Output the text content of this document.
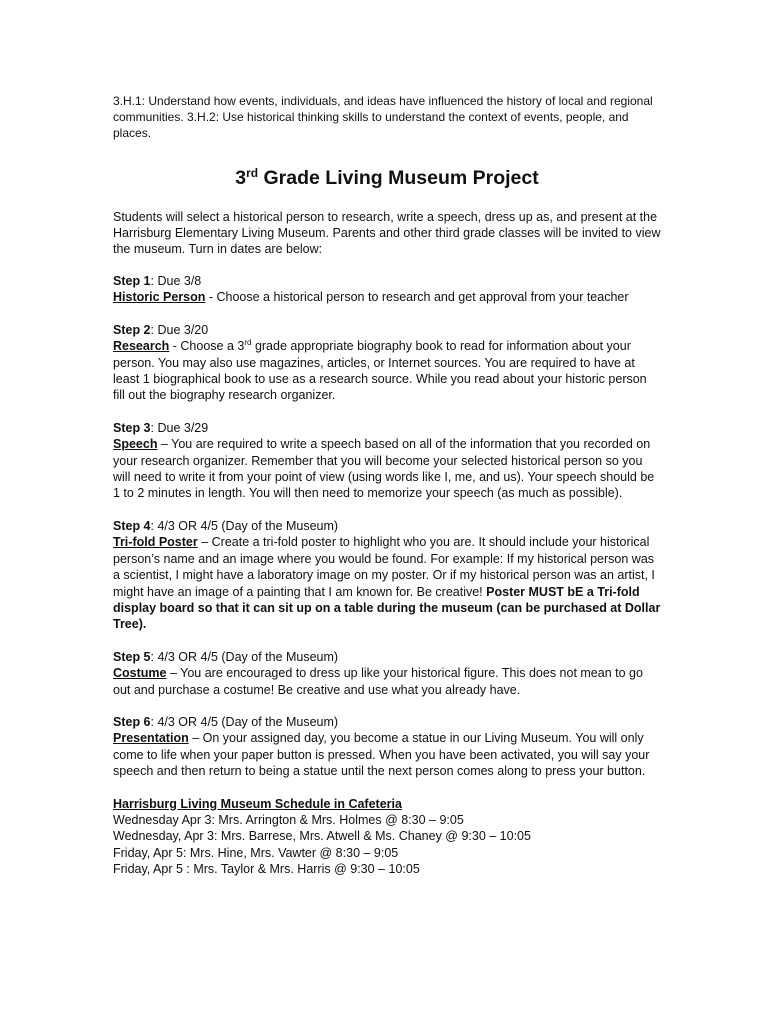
3.H.1: Understand how events, individuals, and ideas have influenced the history of local and regional communities. 3.H.2: Use historical thinking skills to understand the context of events, people, and places.

3rd Grade Living Museum Project

Students will select a historical person to research, write a speech, dress up as, and present at the Harrisburg Elementary Living Museum. Parents and other third grade classes will be invited to view the museum. Turn in dates are below:

Step 1: Due 3/8
Historic Person - Choose a historical person to research and get approval from your teacher

Step 2: Due 3/20
Research - Choose a 3rd grade appropriate biography book to read for information about your person. You may also use magazines, articles, or Internet sources. You are required to have at least 1 biographical book to use as a research source. While you read about your historic person fill out the biography research organizer.

Step 3: Due 3/29
Speech – You are required to write a speech based on all of the information that you recorded on your research organizer. Remember that you will become your selected historical person so you will need to write it from your point of view (using words like I, me, and us). Your speech should be 1 to 2 minutes in length. You will then need to memorize your speech (as much as possible).

Step 4: 4/3 OR 4/5 (Day of the Museum)
Tri-fold Poster – Create a tri-fold poster to highlight who you are. It should include your historical person’s name and an image where you would be found. For example: If my historical person was a scientist, I might have a laboratory image on my poster. Or if my historical person was an artist, I might have an image of a painting that I am known for. Be creative! Poster MUST bE a Tri-fold display board so that it can sit up on a table during the museum (can be purchased at Dollar Tree).

Step 5: 4/3 OR 4/5 (Day of the Museum)
Costume – You are encouraged to dress up like your historical figure. This does not mean to go out and purchase a costume! Be creative and use what you already have.

Step 6: 4/3 OR 4/5 (Day of the Museum)
Presentation – On your assigned day, you become a statue in our Living Museum. You will only come to life when your paper button is pressed. When you have been activated, you will say your speech and then return to being a statue until the next person comes along to press your button.

Harrisburg Living Museum Schedule in Cafeteria
Wednesday Apr 3: Mrs. Arrington & Mrs. Holmes @ 8:30 – 9:05
Wednesday, Apr 3: Mrs. Barrese, Mrs. Atwell & Ms. Chaney @ 9:30 – 10:05
Friday, Apr 5: Mrs. Hine, Mrs. Vawter @ 8:30 – 9:05
Friday, Apr 5 : Mrs. Taylor & Mrs. Harris @ 9:30 – 10:05
